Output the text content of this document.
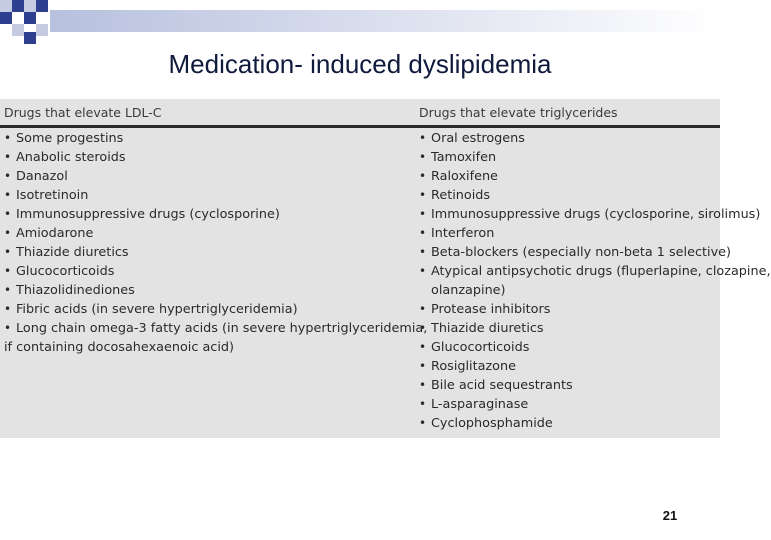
Medication- induced dyslipidemia
Drugs that elevate LDL-C
• Some progestins
• Anabolic steroids
• Danazol
• Isotretinoin
• Immunosuppressive drugs (cyclosporine)
• Amiodarone
• Thiazide diuretics
• Glucocorticoids
• Thiazolidinediones
• Fibric acids (in severe hypertriglyceridemia)
• Long chain omega-3 fatty acids (in severe hypertriglyceridemia,
if containing docosahexaenoic acid)
Drugs that elevate triglycerides
• Oral estrogens
• Tamoxifen
• Raloxifene
• Retinoids
• Immunosuppressive drugs (cyclosporine, sirolimus)
• Interferon
• Beta-blockers (especially non-beta 1 selective)
• Atypical antipsychotic drugs (fluperlapine, clozapine,
olanzapine)
• Protease inhibitors
• Thiazide diuretics
• Glucocorticoids
• Rosiglitazone
• Bile acid sequestrants
• L-asparaginase
• Cyclophosphamide
21
